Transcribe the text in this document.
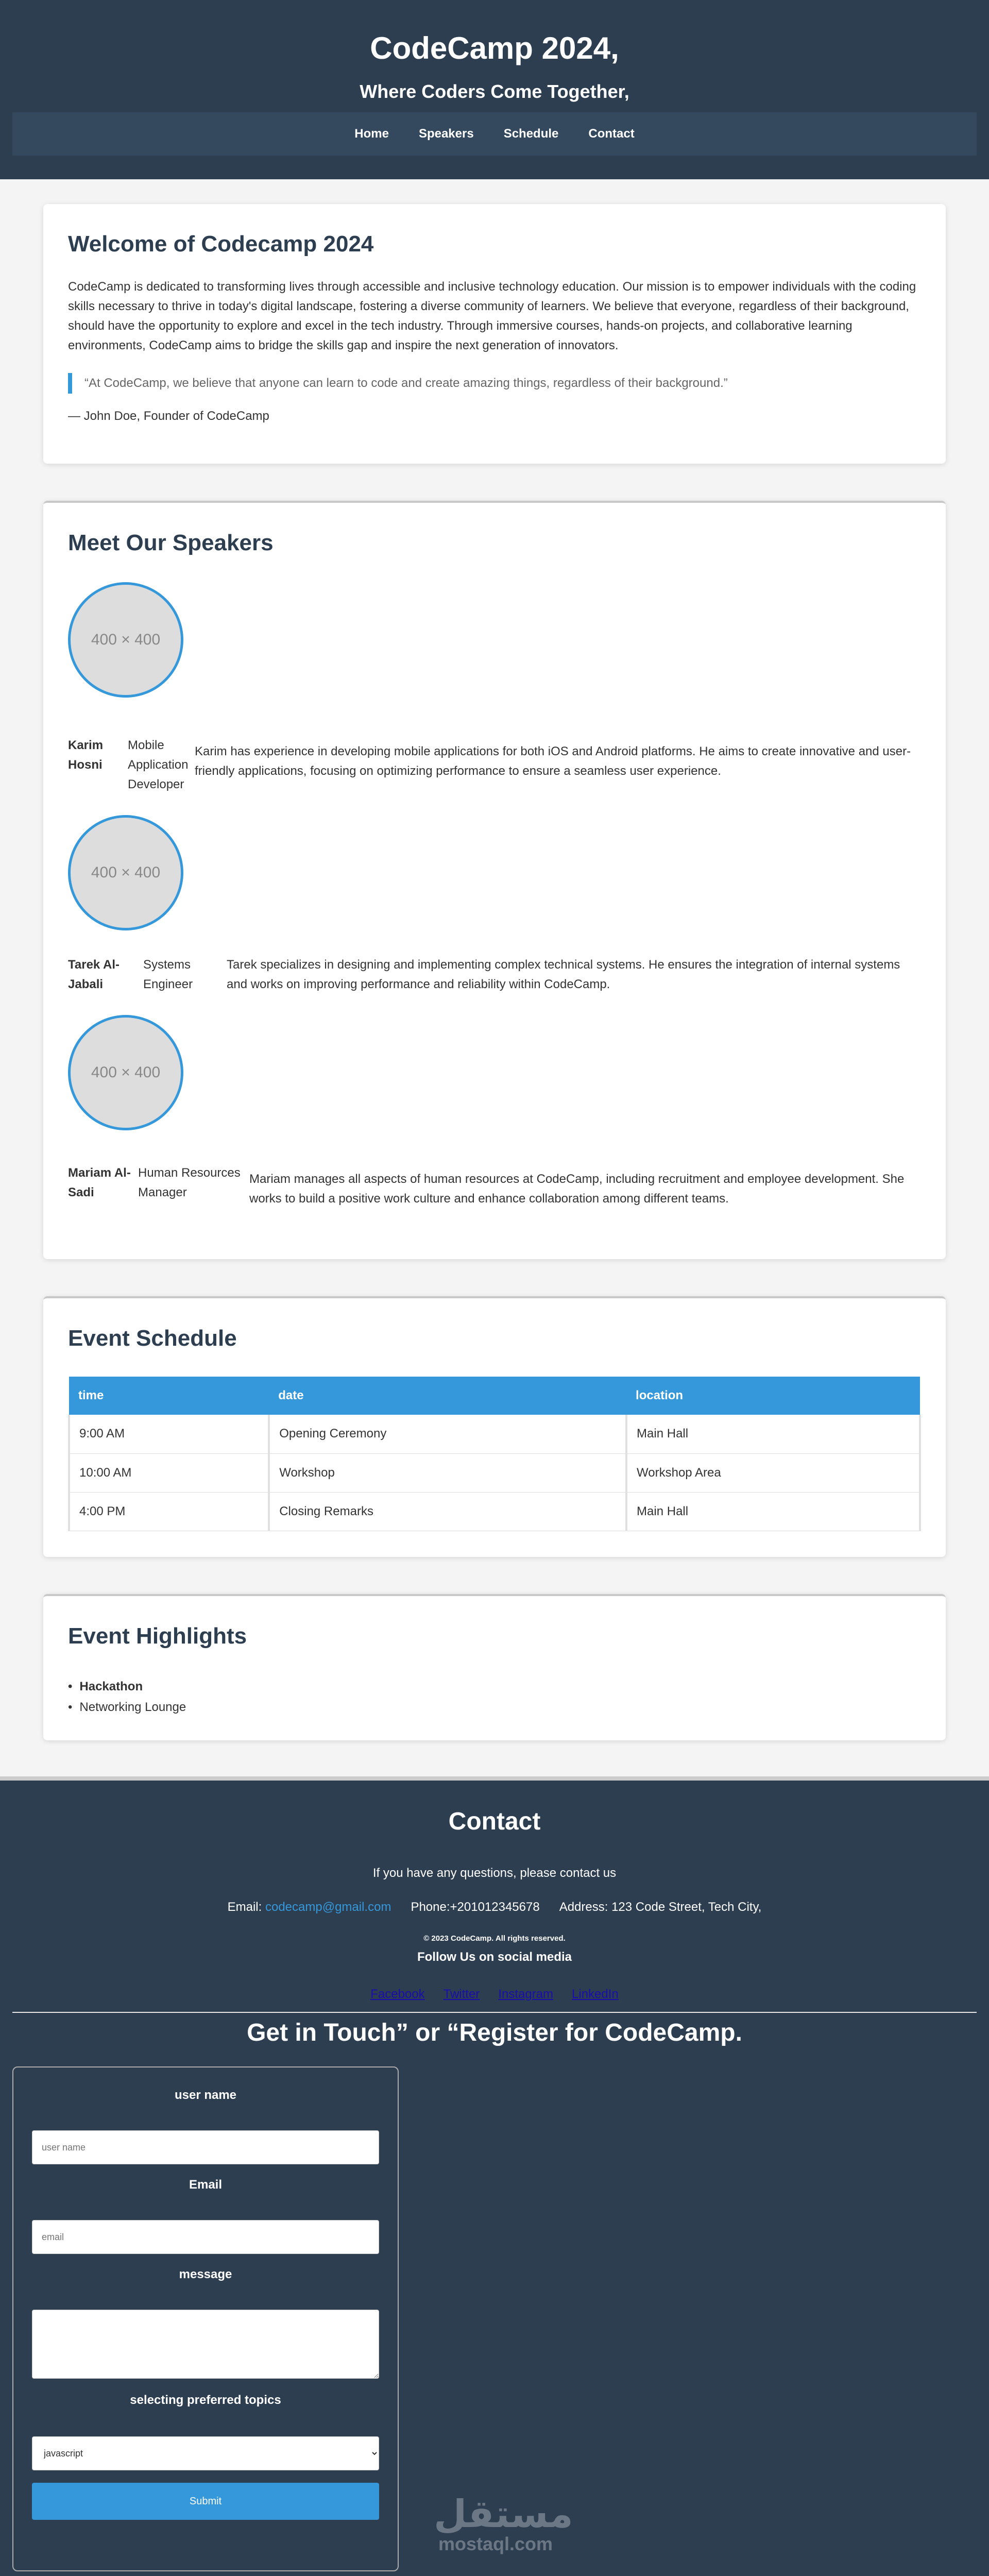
CodeCamp 2024,
Where Coders Come Together,
Home Speakers Schedule Contact
Welcome of Codecamp 2024

CodeCamp is dedicated to transforming lives through accessible and inclusive technology education. Our mission is to empower individuals with the coding skills necessary to thrive in today's digital landscape, fostering a diverse community of learners. We believe that everyone, regardless of their background, should have the opportunity to explore and excel in the tech industry. Through immersive courses, hands-on projects, and collaborative learning environments, CodeCamp aims to bridge the skills gap and inspire the next generation of innovators.

“At CodeCamp, we believe that anyone can learn to code and create amazing things, regardless of their background.”

— John Doe, Founder of CodeCamp

Meet Our Speakers
400 × 400
Karim Hosni
Mobile Application Developer
Karim has experience in developing mobile applications for both iOS and Android platforms. He aims to create innovative and user-friendly applications, focusing on optimizing performance to ensure a seamless user experience.
400 × 400
Tarek Al-Jabali
Systems Engineer
Tarek specializes in designing and implementing complex technical systems. He ensures the integration of internal systems and works on improving performance and reliability within CodeCamp.
400 × 400
Mariam Al-Sadi
Human Resources Manager
Mariam manages all aspects of human resources at CodeCamp, including recruitment and employee development. She works to build a positive work culture and enhance collaboration among different teams.
Event Schedule
time	date	location
9:00 AM	Opening Ceremony	Main Hall
10:00 AM	Workshop	Workshop Area
4:00 PM	Closing Remarks	Main Hall
Event Highlights
• Hackathon
• Networking Lounge
Contact

If you have any questions, please contact us

Email: codecamp@gmail.com Phone:+201012345678 Address: 123 Code Street, Tech City,

© 2023 CodeCamp. All rights reserved.

Follow Us on social media

Facebook Twitter Instagram LinkedIn
Get in Touch” or “Register for CodeCamp.
user name
user name
Email
email
message
selecting preferred topics
javascript
Submit	مستقل
mostaql.com
